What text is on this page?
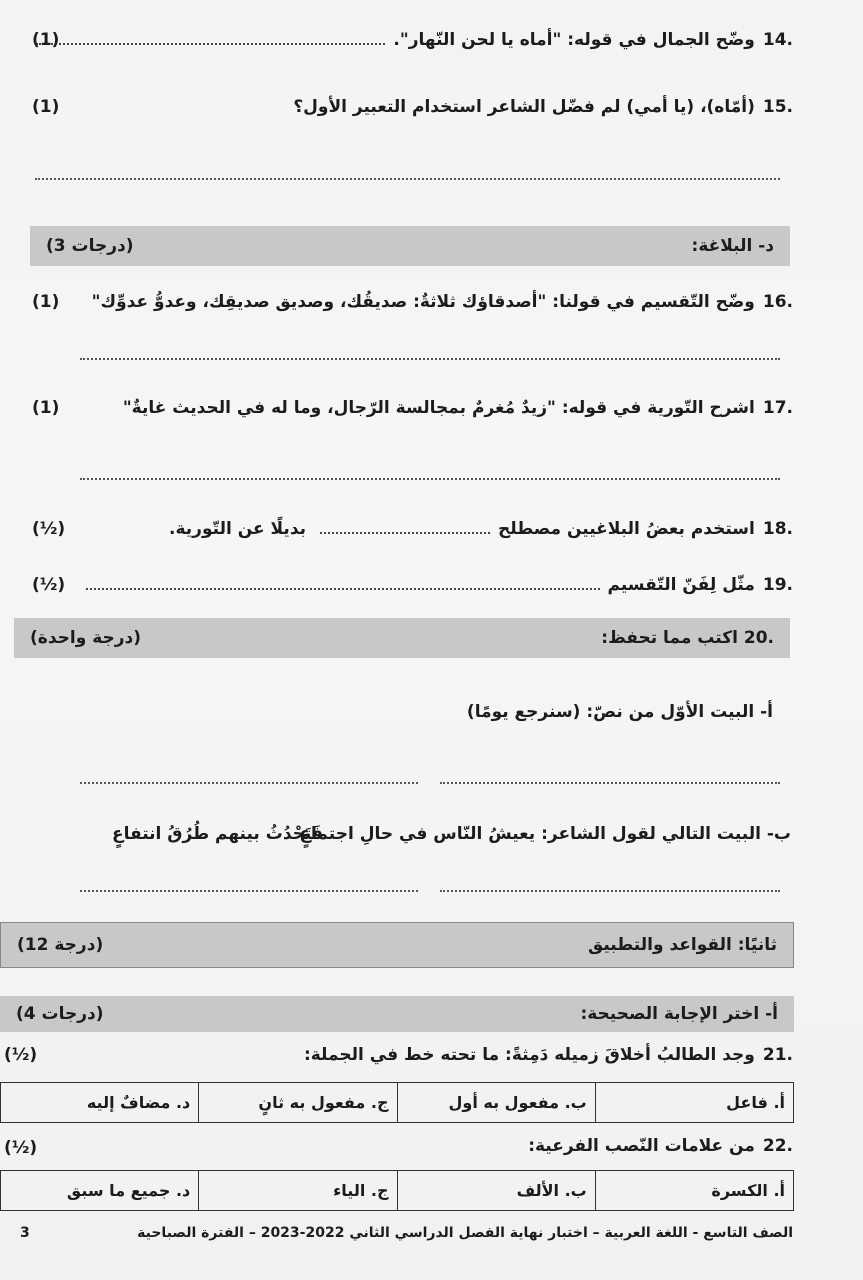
.14
وضّح الجمال في قوله: "أماه يا لحن النّهار".
(1)
.15
(أمّاه)، (يا أمي) لم فضّل الشاعر استخدام التعبير الأول؟
(1)
(3 درجات)	د- البلاغة:
.16
وضّح التّقسيم في قولنا: "أصدقاؤك ثلاثةٌ: صديقُك، وصديق صديقِك، وعدوُّ عدوِّك"
(1)
.17
اشرح التّورية في قوله: "زيدٌ مُغرمٌ بمجالسة الرّجال، وما له في الحديث غايةٌ"
(1)
.18
استخدم بعضُ البلاغيين مصطلح
بديلًا عن التّورية.
(½)
.19
مثّل لِفَنّ التّقسيم
(½)
(درجة واحدة)	.20 اكتب مما تحفظ:
أ- البيت الأوّل من نصّ: (سنرجع يومًا)
ب- البيت التالي لقول الشاعر: يعيشُ النّاس في حالِ اجتماعٍ
فَتَحْدُثُ بينهم طُرُقُ انتفاعٍ
(12 درجة)	ثانيًا: القواعد والتطبيق
(4 درجات)	أ- اختر الإجابة الصحيحة:
.21
وجد الطالبُ أخلاقَ زميله دَمِثةً: ما تحته خط في الجملة:
(½)
أ. فاعل	ب. مفعول به أول	ج. مفعول به ثانٍ	د. مضافٌ إليه
.22
من علامات النّصب الفرعية:
(½)
أ. الكسرة	ب. الألف	ج. الياء	د. جميع ما سبق
3	الصف التاسع - اللغة العربية – اختبار نهاية الفصل الدراسي الثاني 2022-2023 – الفترة الصباحية
